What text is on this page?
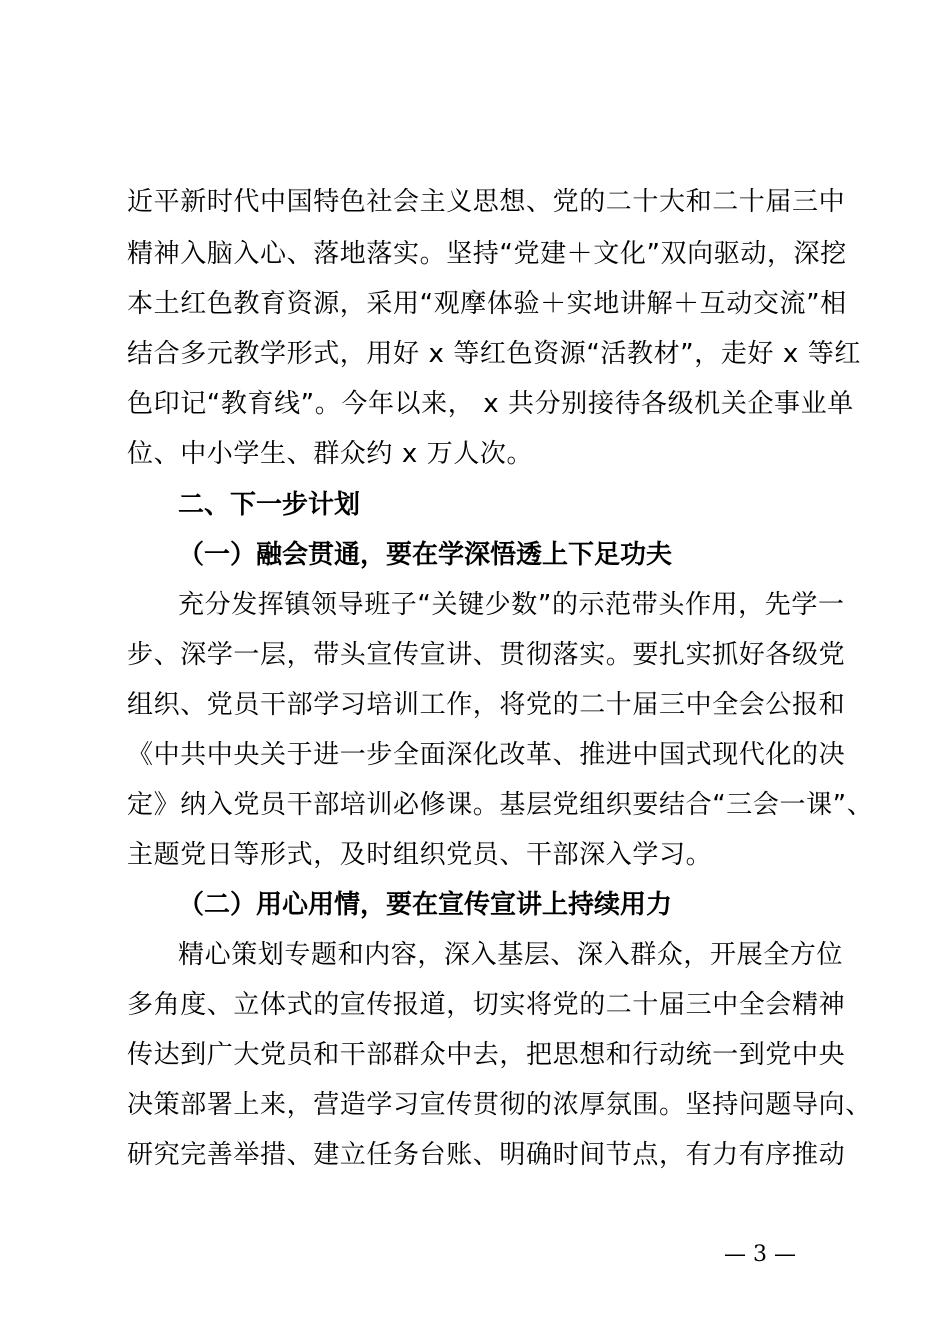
近平新时代中国特色社会主义思想、党的二十大和二十届三中
精神入脑入心、落地落实。坚持“党建＋文化”双向驱动，深挖
本土红色教育资源，采用“观摩体验＋实地讲解＋互动交流”相
结合多元教学形式，用好 x 等红色资源“活教材”，走好 x 等红
色印记“教育线”。今年以来， x 共分别接待各级机关企事业单
位、中小学生、群众约 x 万人次。
二、下一步计划
（一）融会贯通，要在学深悟透上下足功夫
充分发挥镇领导班子“关键少数”的示范带头作用，先学一
步、深学一层，带头宣传宣讲、贯彻落实。要扎实抓好各级党
组织、党员干部学习培训工作，将党的二十届三中全会公报和
《中共中央关于进一步全面深化改革、推进中国式现代化的决
定》纳入党员干部培训必修课。基层党组织要结合“三会一课”、
主题党日等形式，及时组织党员、干部深入学习。
（二）用心用情，要在宣传宣讲上持续用力
精心策划专题和内容，深入基层、深入群众，开展全方位
多角度、立体式的宣传报道，切实将党的二十届三中全会精神
传达到广大党员和干部群众中去，把思想和行动统一到党中央
决策部署上来，营造学习宣传贯彻的浓厚氛围。坚持问题导向、
研究完善举措、建立任务台账、明确时间节点，有力有序推动
— 3 —
